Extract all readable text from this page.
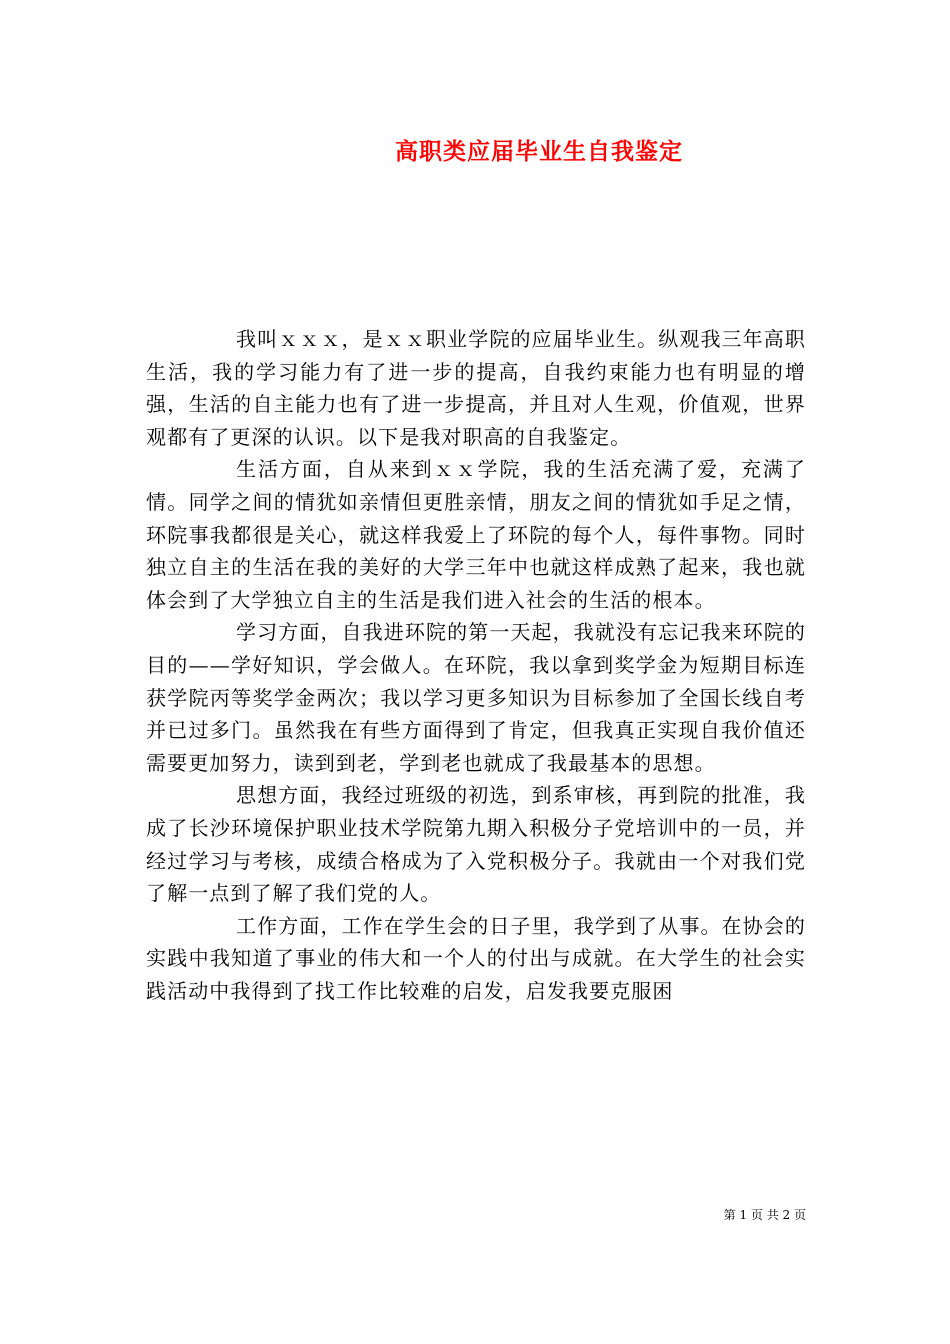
高职类应届毕业生自我鉴定

我叫ｘｘｘ，是ｘｘ职业学院的应届毕业生。纵观我三年高职生活，我的学习能力有了进一步的提高，自我约束能力也有明显的增强，生活的自主能力也有了进一步提高，并且对人生观，价值观，世界观都有了更深的认识。以下是我对职高的自我鉴定。

生活方面，自从来到ｘｘ学院，我的生活充满了爱，充满了情。同学之间的情犹如亲情但更胜亲情，朋友之间的情犹如手足之情，环院事我都很是关心，就这样我爱上了环院的每个人，每件事物。同时独立自主的生活在我的美好的大学三年中也就这样成熟了起来，我也就体会到了大学独立自主的生活是我们进入社会的生活的根本。

学习方面，自我进环院的第一天起，我就没有忘记我来环院的目的——学好知识，学会做人。在环院，我以拿到奖学金为短期目标连获学院丙等奖学金两次；我以学习更多知识为目标参加了全国长线自考并已过多门。虽然我在有些方面得到了肯定，但我真正实现自我价值还需要更加努力，读到到老，学到老也就成了我最基本的思想。

思想方面，我经过班级的初选，到系审核，再到院的批准，我成了长沙环境保护职业技术学院第九期入积极分子党培训中的一员，并经过学习与考核，成绩合格成为了入党积极分子。我就由一个对我们党了解一点到了解了我们党的人。

工作方面，工作在学生会的日子里，我学到了从事。在协会的实践中我知道了事业的伟大和一个人的付出与成就。在大学生的社会实践活动中我得到了找工作比较难的启发，启发我要克服困

第 1 页 共 2 页
